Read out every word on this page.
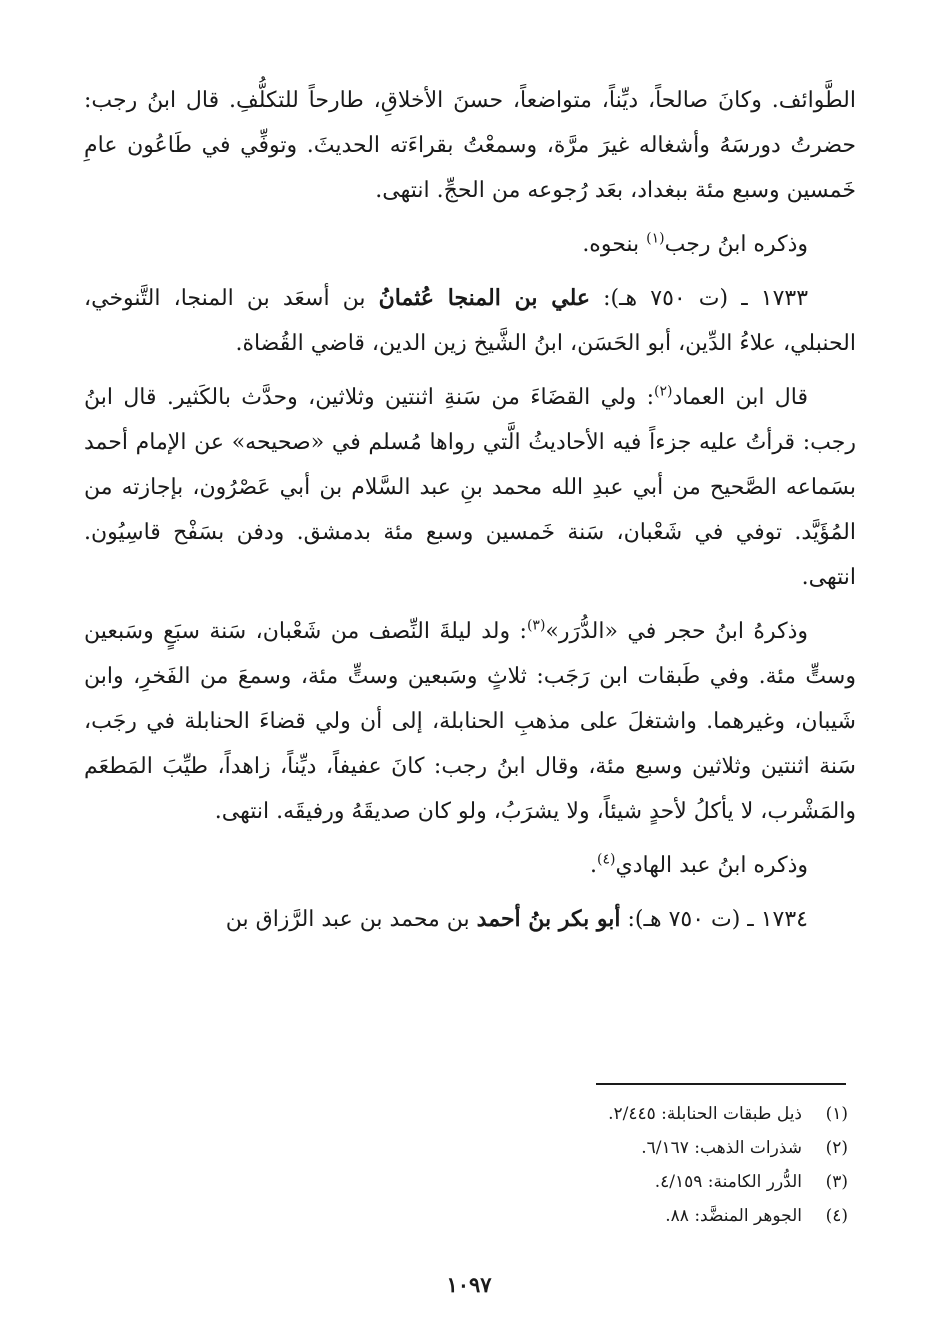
الطَّوائف. وكانَ صالحاً، ديِّناً، متواضعاً، حسنَ الأخلاقِ، طارحاً للتكلُّفِ. قال ابنُ رجب: حضرتُ دورسَهُ وأشغاله غيرَ مرَّة، وسمعْتُ بقراءَته الحديثَ. وتوفِّي في طَاعُون عامِ خَمسين وسبع مئة ببغداد، بعَد رُجوعه من الحجِّ. انتهى.

وذكره ابنُ رجب$^{(١)}$ بنحوه.

١٧٣٣ ـ (ت ٧٥٠ هـ): علي بن المنجا عُثمانُ بن أسعَد بن المنجا، التَّنوخي، الحنبلي، علاءُ الدِّين، أبو الحَسَن، ابنُ الشَّيخ زين الدين، قاضي القُضاة.

قال ابن العماد$^{(٢)}$: ولي القضَاءَ من سَنةِ اثنتين وثلاثين، وحدَّث بالكَثير. قال ابنُ رجب: قرأتُ عليه جزءاً فيه الأحاديثُ الَّتي رواها مُسلم في «صحيحه» عن الإمام أحمد بسَماعه الصَّحيح من أبي عبدِ الله محمد بنِ عبد السَّلام بن أبي عَصْرُون، بإجازته من المُؤَيَّد. توفي في شَعْبان، سَنة خَمسين وسبع مئة بدمشق. ودفن بسَفْح قاسِيُون. انتهى.

وذكرهُ ابنُ حجر في «الدُّرَر»$^{(٣)}$: ولد ليلةَ النِّصف من شَعْبان، سَنة سبَعٍ وسَبعين وستٍّ مئة. وفي طَبقات ابن رَجَب: ثلاثٍ وسَبعين وستٍّ مئة، وسمعَ من الفَخرِ، وابن شَيبان، وغيرهما. واشتغلَ على مذهبِ الحنابلة، إلى أن ولي قضاءَ الحنابلة في رجَب، سَنة اثنتين وثلاثين وسبع مئة، وقال ابنُ رجب: كانَ عفيفاً، ديِّناً، زاهداً، طيِّبَ المَطعَم والمَشْرب، لا يأكلُ لأحدٍ شيئاً، ولا يشرَبُ، ولو كان صديقَهُ ورفيقَه. انتهى.

وذكره ابنُ عبد الهادي$^{(٤)}$.

١٧٣٤ ـ (ت ٧٥٠ هـ): أبو بكر بنُ أحمد بن محمد بن عبد الرَّزاق بن

(١)
ذيل طبقات الحنابلة: ٢/٤٤٥.
(٢)
شذرات الذهب: ٦/١٦٧.
(٣)
الدُّرر الكامنة: ٤/١٥٩.
(٤)
الجوهر المنضَّد: ٨٨.
١٠٩٧
